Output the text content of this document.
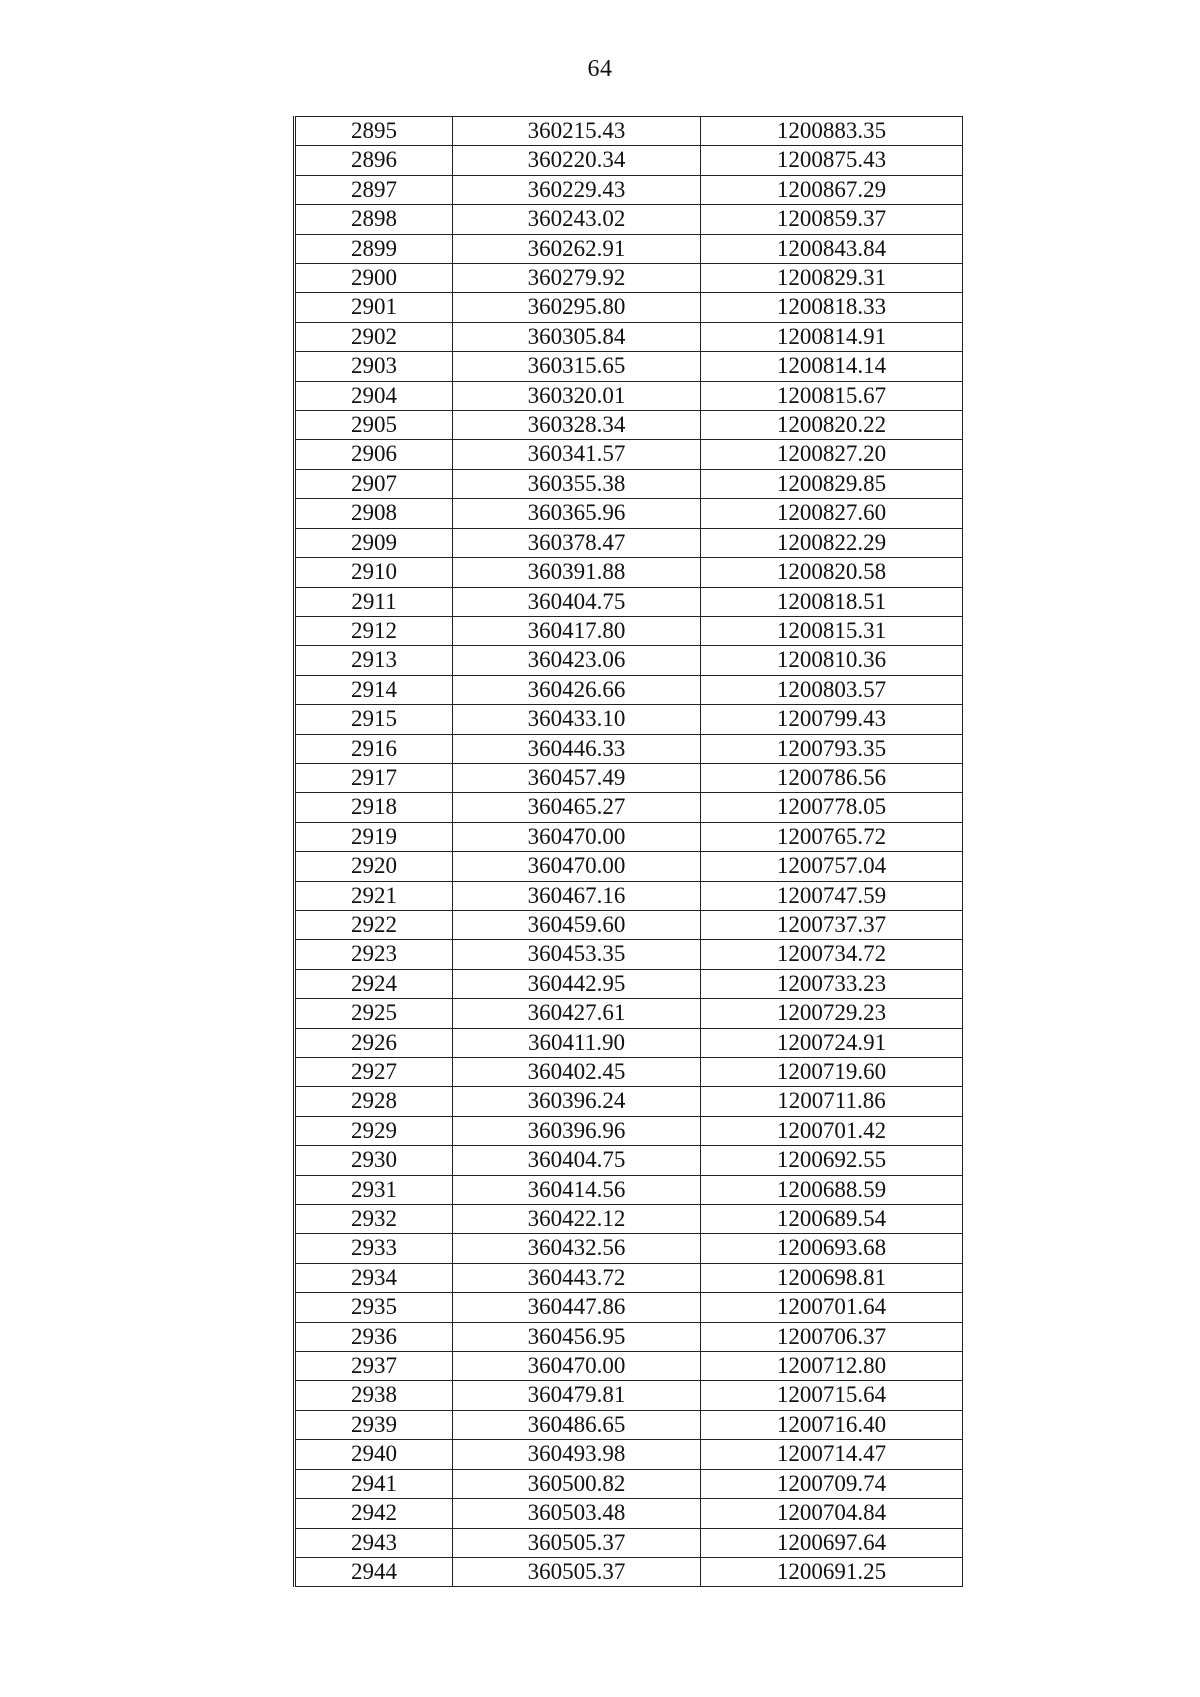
64
2895	360215.43	1200883.35
2896	360220.34	1200875.43
2897	360229.43	1200867.29
2898	360243.02	1200859.37
2899	360262.91	1200843.84
2900	360279.92	1200829.31
2901	360295.80	1200818.33
2902	360305.84	1200814.91
2903	360315.65	1200814.14
2904	360320.01	1200815.67
2905	360328.34	1200820.22
2906	360341.57	1200827.20
2907	360355.38	1200829.85
2908	360365.96	1200827.60
2909	360378.47	1200822.29
2910	360391.88	1200820.58
2911	360404.75	1200818.51
2912	360417.80	1200815.31
2913	360423.06	1200810.36
2914	360426.66	1200803.57
2915	360433.10	1200799.43
2916	360446.33	1200793.35
2917	360457.49	1200786.56
2918	360465.27	1200778.05
2919	360470.00	1200765.72
2920	360470.00	1200757.04
2921	360467.16	1200747.59
2922	360459.60	1200737.37
2923	360453.35	1200734.72
2924	360442.95	1200733.23
2925	360427.61	1200729.23
2926	360411.90	1200724.91
2927	360402.45	1200719.60
2928	360396.24	1200711.86
2929	360396.96	1200701.42
2930	360404.75	1200692.55
2931	360414.56	1200688.59
2932	360422.12	1200689.54
2933	360432.56	1200693.68
2934	360443.72	1200698.81
2935	360447.86	1200701.64
2936	360456.95	1200706.37
2937	360470.00	1200712.80
2938	360479.81	1200715.64
2939	360486.65	1200716.40
2940	360493.98	1200714.47
2941	360500.82	1200709.74
2942	360503.48	1200704.84
2943	360505.37	1200697.64
2944	360505.37	1200691.25
